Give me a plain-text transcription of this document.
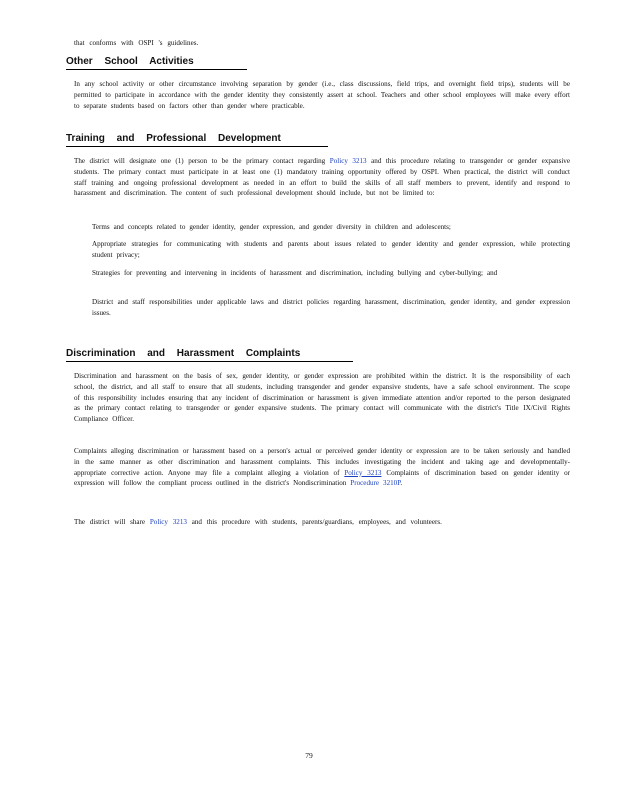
that conforms with OSPI 's guidelines.
Other School Activities
In any school activity or other circumstance involving separation by gender (i.e., class discussions, field trips, and overnight field trips), students will be permitted to participate in accordance with the gender identity they consistently assert at school. Teachers and other school employees will make every effort to separate students based on factors other than gender where practicable.
Training and Professional Development
The district will designate one (1) person to be the primary contact regarding Policy 3213 and this procedure relating to transgender or gender expansive students. The primary contact must participate in at least one (1) mandatory training opportunity offered by OSPI. When practical, the district will conduct staff training and ongoing professional development as needed in an effort to build the skills of all staff members to prevent, identify and respond to harassment and discrimination. The content of such professional development should include, but not be limited to:
Terms and concepts related to gender identity, gender expression, and gender diversity in children and adolescents;
Appropriate strategies for communicating with students and parents about issues related to gender identity and gender expression, while protecting student privacy;
Strategies for preventing and intervening in incidents of harassment and discrimination, including bullying and cyber-bullying; and
District and staff responsibilities under applicable laws and district policies regarding harassment, discrimination, gender identity, and gender expression issues.
Discrimination and Harassment Complaints
Discrimination and harassment on the basis of sex, gender identity, or gender expression are prohibited within the district. It is the responsibility of each school, the district, and all staff to ensure that all students, including transgender and gender expansive students, have a safe school environment. The scope of this responsibility includes ensuring that any incident of discrimination or harassment is given immediate attention and/or reported to the person designated as the primary contact relating to transgender or gender expansive students. The primary contact will communicate with the district's Title IX/Civil Rights Compliance Officer.
Complaints alleging discrimination or harassment based on a person's actual or perceived gender identity or expression are to be taken seriously and handled in the same manner as other discrimination and harassment complaints. This includes investigating the incident and taking age and developmentally-appropriate corrective action. Anyone may file a complaint alleging a violation of Policy 3213 Complaints of discrimination based on gender identity or expression will follow the compliant process outlined in the district's Nondiscrimination Procedure 3210P.
The district will share Policy 3213 and this procedure with students, parents/guardians, employees, and volunteers.
79
